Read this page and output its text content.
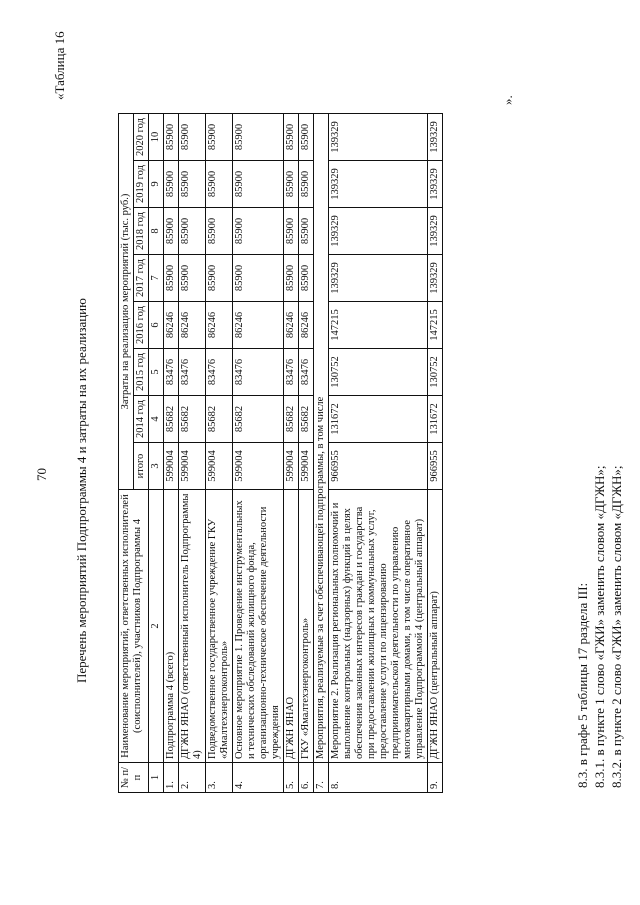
70
«Таблица 16
Перечень мероприятий Подпрограммы 4 и затраты на их реализацию
№ п/п	Наименование мероприятий, ответственных исполнителей (соисполнителей), участников Подпрограммы 4	Затраты на реализацию мероприятий (тыс. руб.)							
		итого	2014 год	2015 год	2016 год	2017 год	2018 год	2019 год	2020 год
1	2	3	4	5	6	7	8	9	10
1.	Подпрограмма 4 (всего)	599004	85682	83476	86246	85900	85900	85900	85900
2.	ДГЖН ЯНАО (ответственный исполнитель Подпрограммы 4)	599004	85682	83476	86246	85900	85900	85900	85900
3.	Подведомственное государственное учреждение ГКУ «Ямалтехэнергоконтроль»	599004	85682	83476	86246	85900	85900	85900	85900
4.	Основное мероприятие 1. Проведение инструментальных и технических обследований жилищного фонда, организационно-техническое обеспечение деятельности учреждения	599004	85682	83476	86246	85900	85900	85900	85900
5.	ДГЖН ЯНАО	599004	85682	83476	86246	85900	85900	85900	85900
6.	ГКУ «Ямалтехэнергоконтроль»	599004	85682	83476	86246	85900	85900	85900	85900
7.	Мероприятия, реализуемые за счет обеспечивающей подпрограммы, в том числе								
8.	Мероприятие 2. Реализация региональных полномочий и выполнение контрольных (надзорных) функций в целях обеспечения законных интересов граждан и государства при предоставлении жилищных и коммунальных услуг, предоставление услуги по лицензированию предпринимательской деятельности по управлению многоквартирными домами, в том числе оперативное управление Подпрограммой 4 (центральный аппарат)	966955	131672	130752	147215	139329	139329	139329	139329
9.	ДГЖН ЯНАО (центральный аппарат)	966955	131672	130752	147215	139329	139329	139329	139329
».
8.3. в графе 5 таблицы 17 раздела III: 8.3.1. в пункте 1 слово «ГЖИ» заменить словом «ДГЖН»; 8.3.2. в пункте 2 слово «ГЖИ» заменить словом «ДГЖН»;
